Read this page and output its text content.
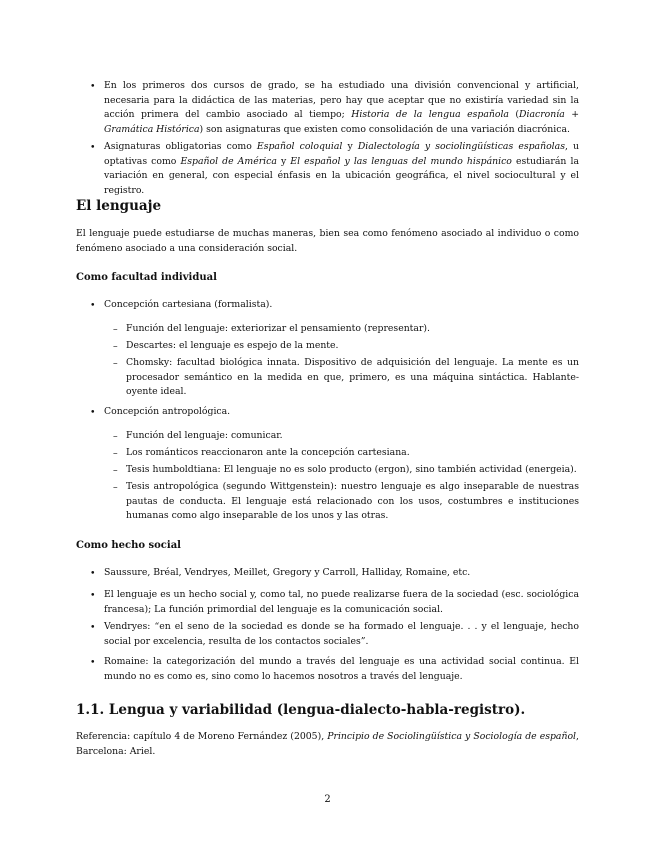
• En los primeros dos cursos de grado, se ha estudiado una división convencional y artificial, necesaria para la didáctica de las materias, pero hay que aceptar que no existiría variedad sin la acción primera del cambio asociado al tiempo; Historia de la lengua española (Diacronía + Gramática Histórica) son asignaturas que existen como consolidación de una variación diacrónica.

• Asignaturas obligatorias como Español coloquial y Dialectología y sociolingüísticas españolas, u optativas como Español de América y El español y las lenguas del mundo hispánico estudiarán la variación en general, con especial énfasis en la ubicación geográfica, el nivel sociocultural y el registro.

El lenguaje

El lenguaje puede estudiarse de muchas maneras, bien sea como fenómeno asociado al individuo o como fenómeno asociado a una consideración social.

Como facultad individual
• Concepción cartesiana (formalista).

– Función del lenguaje: exteriorizar el pensamiento (representar).

– Descartes: el lenguaje es espejo de la mente.

– Chomsky: facultad biológica innata. Dispositivo de adquisición del lenguaje. La mente es un procesador semántico en la medida en que, primero, es una máquina sintáctica. Hablante-oyente ideal.

• Concepción antropológica.

– Función del lenguaje: comunicar.

– Los románticos reaccionaron ante la concepción cartesiana.

– Tesis humboldtiana: El lenguaje no es solo producto (ergon), sino también actividad (energeia).

– Tesis antropológica (segundo Wittgenstein): nuestro lenguaje es algo inseparable de nuestras pautas de conducta. El lenguaje está relacionado con los usos, costumbres e instituciones humanas como algo inseparable de los unos y las otras.

Como hecho social
• Saussure, Bréal, Vendryes, Meillet, Gregory y Carroll, Halliday, Romaine, etc.

• El lenguaje es un hecho social y, como tal, no puede realizarse fuera de la sociedad (esc. sociológica francesa); La función primordial del lenguaje es la comunicación social.

• Vendryes: “en el seno de la sociedad es donde se ha formado el lenguaje. . . y el lenguaje, hecho social por excelencia, resulta de los contactos sociales”.

• Romaine: la categorización del mundo a través del lenguaje es una actividad social continua. El mundo no es como es, sino como lo hacemos nosotros a través del lenguaje.

1.1. Lengua y variabilidad (lengua-dialecto-habla-registro).

Referencia: capítulo 4 de Moreno Fernández (2005), Principio de Sociolingüística y Sociología de español, Barcelona: Ariel.

2
